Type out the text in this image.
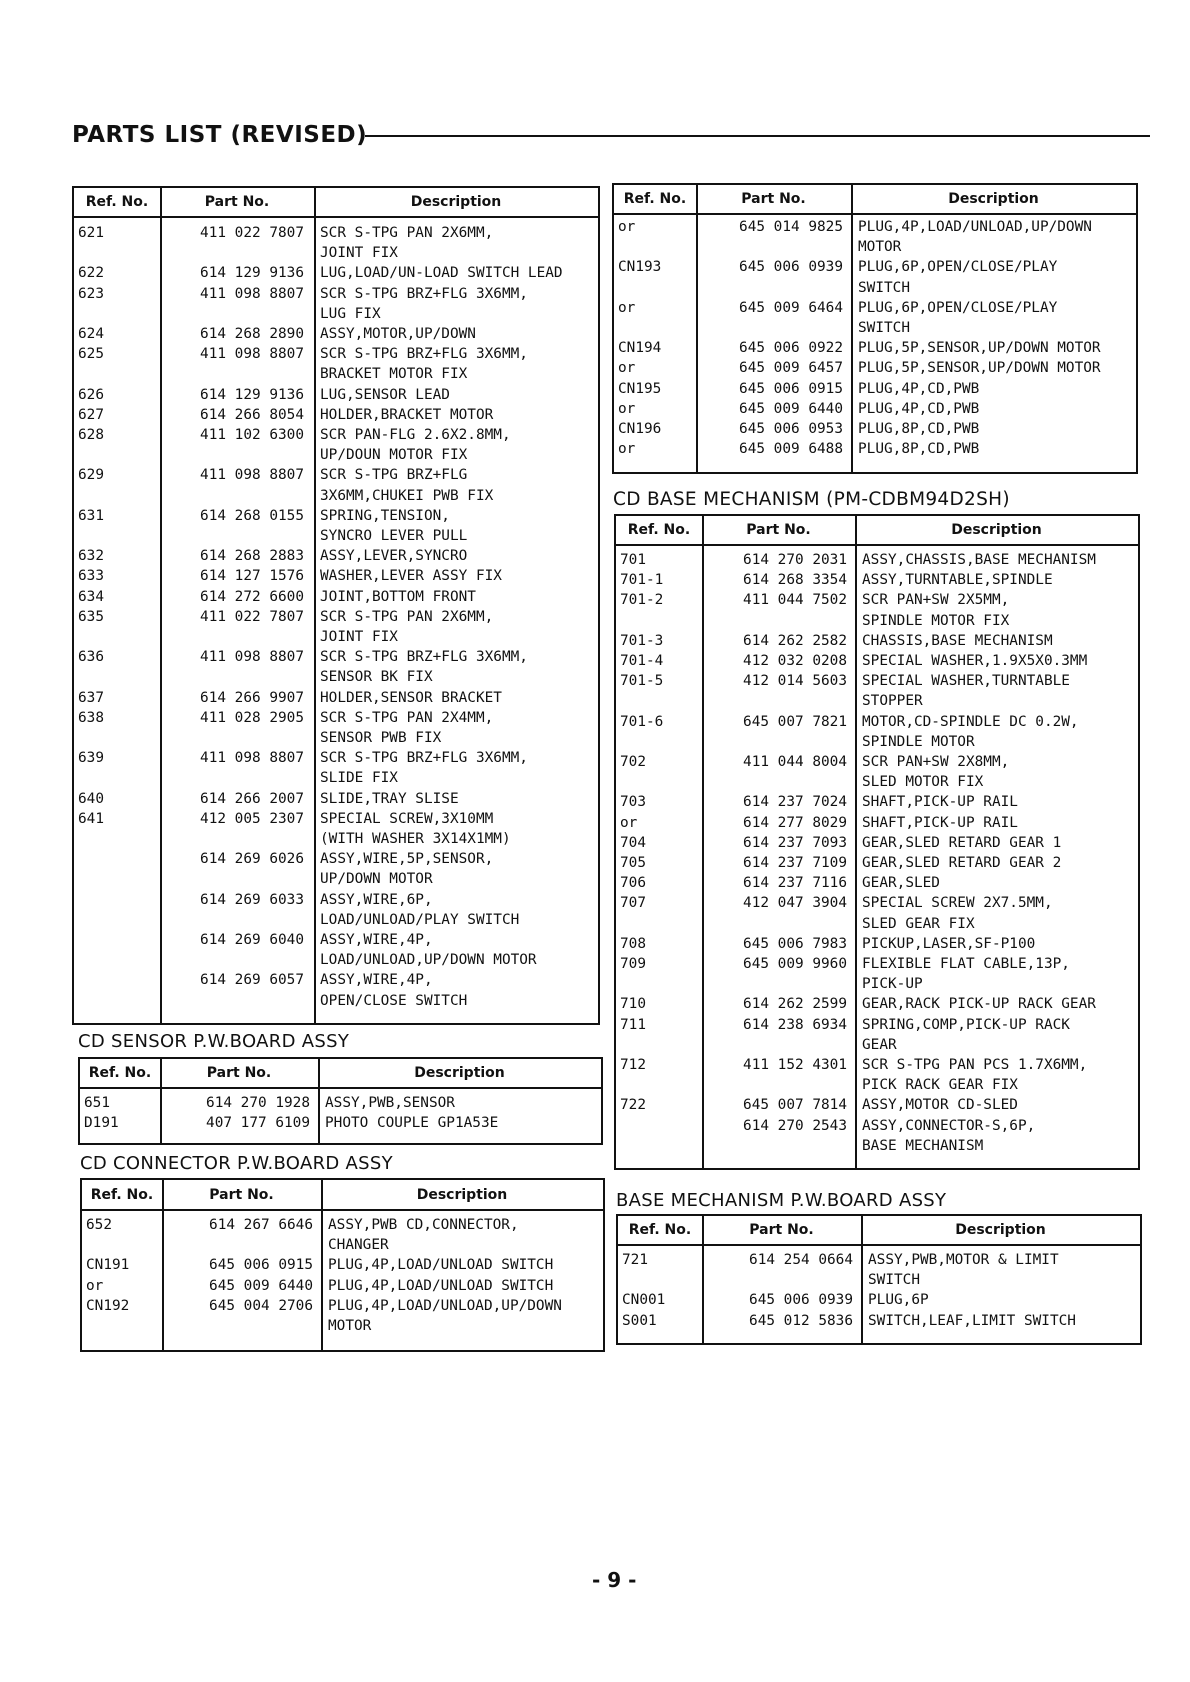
PARTS LIST (REVISED)
Ref. No.	Part No.	Description
621	411 022 7807 SCR S-TPG PAN 2X6MM,
JOINT FIX
622	614 129 9136 LUG,LOAD/UN-LOAD SWITCH LEAD
623	411 098 8807 SCR S-TPG BRZ+FLG 3X6MM,
LUG FIX
624	614 268 2890 ASSY,MOTOR,UP/DOWN
625	411 098 8807 SCR S-TPG BRZ+FLG 3X6MM,
BRACKET MOTOR FIX
626	614 129 9136 LUG,SENSOR LEAD
627	614 266 8054 HOLDER,BRACKET MOTOR
628	411 102 6300 SCR PAN-FLG 2.6X2.8MM,
UP/DOUN MOTOR FIX
629	411 098 8807 SCR S-TPG BRZ+FLG
3X6MM,CHUKEI PWB FIX
631	614 268 0155 SPRING,TENSION,
SYNCRO LEVER PULL
632	614 268 2883 ASSY,LEVER,SYNCRO
633	614 127 1576 WASHER,LEVER ASSY FIX
634	614 272 6600 JOINT,BOTTOM FRONT
635	411 022 7807 SCR S-TPG PAN 2X6MM,
JOINT FIX
636	411 098 8807 SCR S-TPG BRZ+FLG 3X6MM,
SENSOR BK FIX
637	614 266 9907 HOLDER,SENSOR BRACKET
638	411 028 2905 SCR S-TPG PAN 2X4MM,
SENSOR PWB FIX
639	411 098 8807 SCR S-TPG BRZ+FLG 3X6MM,
SLIDE FIX
640	614 266 2007 SLIDE,TRAY SLISE
641	412 005 2307 SPECIAL SCREW,3X10MM
(WITH WASHER 3X14X1MM)
614 269 6026 ASSY,WIRE,5P,SENSOR,
UP/DOWN MOTOR
614 269 6033 ASSY,WIRE,6P,
LOAD/UNLOAD/PLAY SWITCH
614 269 6040 ASSY,WIRE,4P,
LOAD/UNLOAD,UP/DOWN MOTOR
614 269 6057 ASSY,WIRE,4P,
OPEN/CLOSE SWITCH
CD SENSOR P.W.BOARD ASSY
Ref. No.	Part No.	Description
651	614 270 1928 ASSY,PWB,SENSOR
D191	407 177 6109 PHOTO COUPLE GP1A53E
CD CONNECTOR P.W.BOARD ASSY
Ref. No.	Part No.	Description
652	614 267 6646 ASSY,PWB CD,CONNECTOR,
CHANGER
CN191	645 006 0915 PLUG,4P,LOAD/UNLOAD SWITCH
or	645 009 6440 PLUG,4P,LOAD/UNLOAD SWITCH
CN192	645 004 2706 PLUG,4P,LOAD/UNLOAD,UP/DOWN
MOTOR
Ref. No.	Part No.	Description
or	645 014 9825 PLUG,4P,LOAD/UNLOAD,UP/DOWN
MOTOR
CN193	645 006 0939 PLUG,6P,OPEN/CLOSE/PLAY
SWITCH
or	645 009 6464 PLUG,6P,OPEN/CLOSE/PLAY
SWITCH
CN194	645 006 0922 PLUG,5P,SENSOR,UP/DOWN MOTOR
or	645 009 6457 PLUG,5P,SENSOR,UP/DOWN MOTOR
CN195	645 006 0915 PLUG,4P,CD,PWB
or	645 009 6440 PLUG,4P,CD,PWB
CN196	645 006 0953 PLUG,8P,CD,PWB
or	645 009 6488 PLUG,8P,CD,PWB
CD BASE MECHANISM (PM-CDBM94D2SH)
Ref. No.	Part No.	Description
701	614 270 2031 ASSY,CHASSIS,BASE MECHANISM
701-1	614 268 3354 ASSY,TURNTABLE,SPINDLE
701-2	411 044 7502 SCR PAN+SW 2X5MM,
SPINDLE MOTOR FIX
701-3	614 262 2582 CHASSIS,BASE MECHANISM
701-4	412 032 0208 SPECIAL WASHER,1.9X5X0.3MM
701-5	412 014 5603 SPECIAL WASHER,TURNTABLE
STOPPER
701-6	645 007 7821 MOTOR,CD-SPINDLE DC 0.2W,
SPINDLE MOTOR
702	411 044 8004 SCR PAN+SW 2X8MM,
SLED MOTOR FIX
703	614 237 7024 SHAFT,PICK-UP RAIL
or	614 277 8029 SHAFT,PICK-UP RAIL
704	614 237 7093 GEAR,SLED RETARD GEAR 1
705	614 237 7109 GEAR,SLED RETARD GEAR 2
706	614 237 7116 GEAR,SLED
707	412 047 3904 SPECIAL SCREW 2X7.5MM,
SLED GEAR FIX
708	645 006 7983 PICKUP,LASER,SF-P100
709	645 009 9960 FLEXIBLE FLAT CABLE,13P,
PICK-UP
710	614 262 2599 GEAR,RACK PICK-UP RACK GEAR
711	614 238 6934 SPRING,COMP,PICK-UP RACK
GEAR
712	411 152 4301 SCR S-TPG PAN PCS 1.7X6MM,
PICK RACK GEAR FIX
722	645 007 7814 ASSY,MOTOR CD-SLED
614 270 2543 ASSY,CONNECTOR-S,6P,
BASE MECHANISM
BASE MECHANISM P.W.BOARD ASSY
Ref. No.	Part No.	Description
721	614 254 0664 ASSY,PWB,MOTOR & LIMIT
SWITCH
CN001	645 006 0939 PLUG,6P
S001	645 012 5836 SWITCH,LEAF,LIMIT SWITCH
- 9 -
